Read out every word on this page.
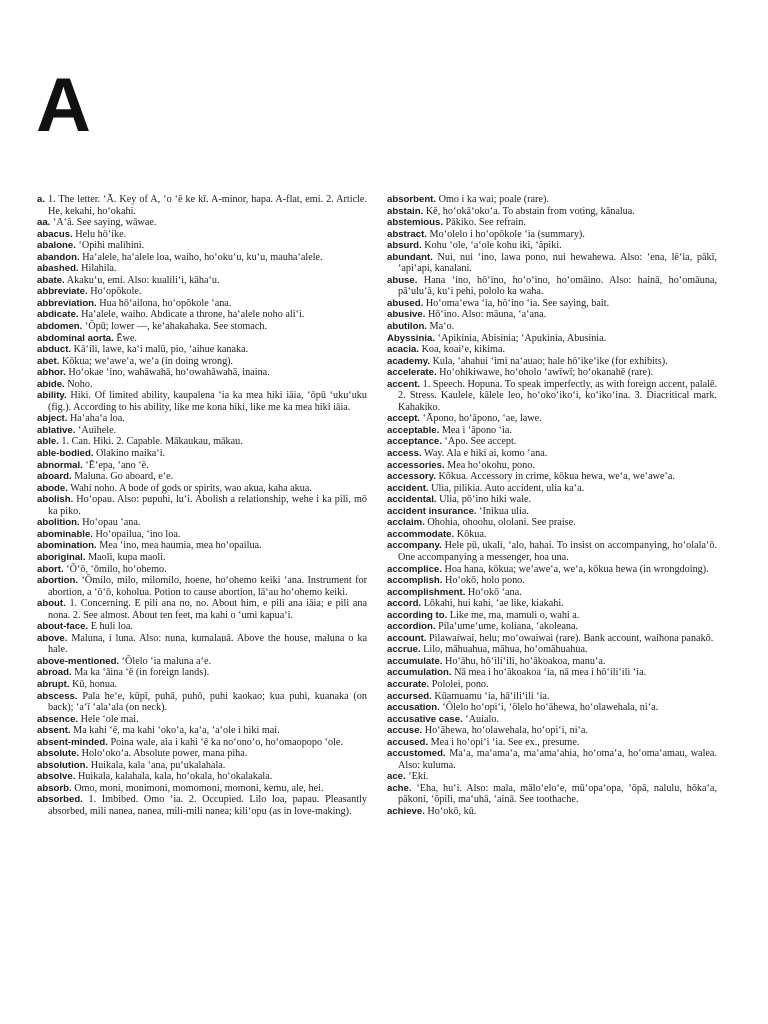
A

a. 1. The letter. ʻĀ. Key of A, ʻo ʻē ke kī. A-minor, hapa. A-flat, emi. 2. Article. He, kekahi, hoʻokahi.

aa. ʻAʻā. See saying, wāwae.

abacus. Helu hōʻike.

abalone. ʻOpihi malihini.

abandon. Haʻalele, haʻalele loa, waiho, hoʻokuʻu, kuʻu, mauhaʻalele.

abashed. Hilahila.

abate. Akakuʻu, emi. Also: kualiliʻi, kāhaʻu.

abbreviate. Hoʻopōkole.

abbreviation. Hua hōʻailona, hoʻopōkole ʻana.

abdicate. Haʻalele, waiho. Abdicate a throne, haʻalele noho aliʻi.

abdomen. ʻŌpū; lower —, keʻahakahaka. See stomach.

abdominal aorta. Ēwe.

abduct. Kāʻili, lawe, kaʻi malū, pio, ʻaihue kanaka.

abet. Kōkua; weʻaweʻa, weʻa (in doing wrong).

abhor. Hoʻokae ʻino, wahāwahā, hoʻowahāwahā, inaina.

abide. Noho.

ability. Hiki. Of limited ability, kaupalena ʻia ka mea hiki iāia, ʻōpū ʻukuʻuku (fig.). According to his ability, like me kona hiki, like me ka mea hiki iāia.

abject. Haʻahaʻa loa.

ablative. ʻAuihele.

able. 1. Can. Hiki. 2. Capable. Mākaukau, mākau.

able-bodied. Olakino maikaʻi.

abnormal. ʻĒʻepa, ʻano ʻē.

aboard. Maluna. Go aboard, eʻe.

abode. Wahi noho. A bode of gods or spirits, wao akua, kaha akua.

abolish. Hoʻopau. Also: pupuhi, luʻi. Abolish a relationship, wehe i ka pili, mō ka piko.

abolition. Hoʻopau ʻana.

abominable. Hoʻopailua, ʻino loa.

abomination. Mea ʻino, mea haumia, mea hoʻopailua.

aboriginal. Maoli, kupa maoli.

abort. ʻŌʻō, ʻōmilo, hoʻohemo.

abortion. ʻŌmilo, milo, milomilo, hoene, hoʻohemo keiki ʻana. Instrument for abortion, a ʻōʻō, koholua. Potion to cause abortion, lāʻau hoʻohemo keiki.

about. 1. Concerning. E pili ana no, no. About him, e pili ana iāia; e pili ana nona. 2. See almost. About ten feet, ma kahi o ʻumi kapuaʻi.

about-face. E huli loa.

above. Maluna, i luna. Also: nuna, kumalauā. Above the house, maluna o ka hale.

above-mentioned. ʻŌlelo ʻia maluna aʻe.

abroad. Ma ka ʻāina ʻē (in foreign lands).

abrupt. Kū, honua.

abscess. Pala heʻe, kūpī, puhā, puhō, puhi kaokao; kua puhi, kuanaka (on back); ʻaʻī ʻalaʻala (on neck).

absence. Hele ʻole mai.

absent. Ma kahi ʻē, ma kahi ʻokoʻa, kaʻa, ʻaʻole i hiki mai.

absent-minded. Poina wale, aia i kahi ʻē ka noʻonoʻo, hoʻomaopopo ʻole.

absolute. Holoʻokoʻa. Absolute power, mana piha.

absolution. Huikala, kala ʻana, puʻukalahala.

absolve. Huikala, kalahala, kala, hoʻokala, hoʻokalakala.

absorb. Omo, moni, monimoni, momomoni, momoni, kemu, ale, hei.

absorbed. 1. Imbibed. Omo ʻia. 2. Occupied. Lilo loa, papau. Pleasantly absorbed, mili nanea, nanea, mili-mili nanea; kiliʻopu (as in love-making).

absorbent. Omo i ka wai; poale (rare).

abstain. Kē, hoʻokāʻokoʻa. To abstain from voting, kānalua.

abstemious. Pākiko. See refrain.

abstract. Moʻolelo i hoʻopōkole ʻia (summary).

absurd. Kohu ʻole, ʻaʻole kohu iki, ʻāpiki.

abundant. Nui, nui ʻino, lawa pono, nui hewahewa. Also: ʻena, lēʻia, pākī, ʻapiʻapi, kanalani.

abuse. Hana ʻino, hōʻino, hoʻoʻino, hoʻomāino. Also: hainā, hoʻomāuna, pāʻuluʻā, kuʻi pehi, pololo ka waha.

abused. Hoʻomaʻewa ʻia, hōʻino ʻia. See saying, bait.

abusive. Hōʻino. Also: māuna, ʻaʻana.

abutilon. Maʻo.

Abyssinia. ʻApikinia, Abisinia; ʻApukinia, Abusinia.

acacia. Koa, koaiʻe, kikima.

academy. Kula, ʻahahui ʻimi naʻauao; hale hōʻikeʻike (for exhibits).

accelerate. Hoʻohikiwawe, hoʻoholo ʻawīwī; hoʻokanahē (rare).

accent. 1. Speech. Hopuna. To speak imperfectly, as with foreign accent, palalē. 2. Stress. Kaulele, kālele leo, hoʻokoʻikoʻi, koʻikoʻina. 3. Diacritical mark. Kahakiko.

accept. ʻĀpono, hoʻāpono, ʻae, lawe.

acceptable. Mea i ʻāpono ʻia.

acceptance. ʻApo. See accept.

access. Way. Ala e hiki ai, komo ʻana.

accessories. Mea hoʻokohu, pono.

accessory. Kōkua. Accessory in crime, kōkua hewa, weʻa, weʻaweʻa.

accident. Ulia, pilikia. Auto accident, ulia kaʻa.

accidental. Ulia, pōʻino hiki wale.

accident insurance. ʻInikua ulia.

acclaim. Ohohia, ohoohu, ololani. See praise.

accommodate. Kōkua.

accompany. Hele pū, ukali, ʻalo, hahai. To insist on accompanying, hoʻolalaʻō. One accompanying a messenger, hoa una.

accomplice. Hoa hana, kōkua; weʻaweʻa, weʻa, kōkua hewa (in wrongdoing).

accomplish. Hoʻokō, holo pono.

accomplishment. Hoʻokō ʻana.

accord. Lōkahi, hui kahi, ʻae like, kiakahi.

according to. Like me, ma, mamuli o, wahi a.

accordion. Pilaʻumeʻume, koliana, ʻakoleana.

account. Pilawaiwai, helu; moʻowaiwai (rare). Bank account, waihona panakō.

accrue. Lilo, māhuahua, māhua, hoʻomāhuahua.

accumulate. Hoʻāhu, hōʻiliʻili, hoʻākoakoa, manuʻa.

accumulation. Nā mea i hoʻākoakoa ʻia, nā mea i hōʻiliʻili ʻia.

accurate. Pololei, pono.

accursed. Kūamuamu ʻia, hāʻiliʻili ʻia.

accusation. ʻŌlelo hoʻopiʻi, ʻōlelo hoʻāhewa, hoʻolawehala, niʻa.

accusative case. ʻAuialo.

accuse. Hoʻāhewa, hoʻolawehala, hoʻopiʻi, niʻa.

accused. Mea i hoʻopiʻi ʻia. See ex., presume.

accustomed. Maʻa, maʻamaʻa, maʻamaʻahia, hoʻomaʻa, hoʻomaʻamau, walea. Also: kuluma.

ace. ʻEki.

ache. ʻEha, huʻi. Also: mala, māloʻeloʻe, mūʻopaʻopa, ʻōpā, nalulu, hōkaʻa, pākoni, ʻōpili, maʻuhā, ʻainā. See toothache.

achieve. Hoʻokō, kū.
